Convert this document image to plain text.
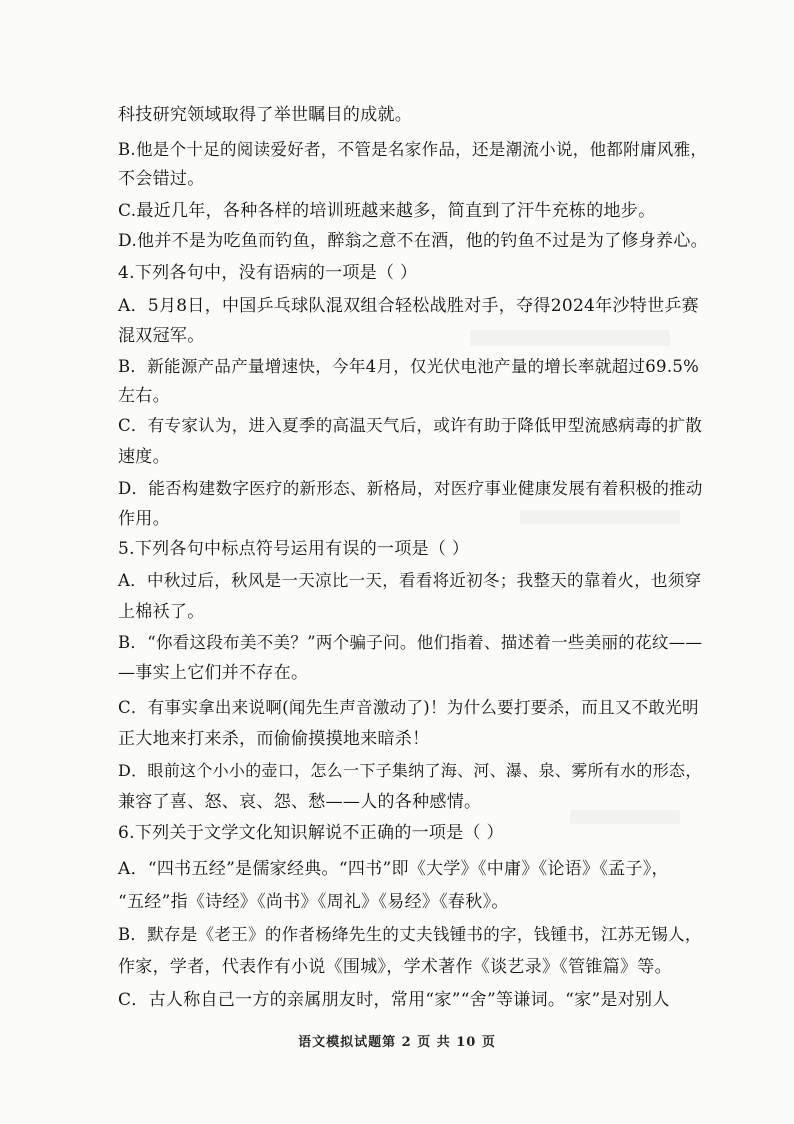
科技研究领域取得了举世瞩目的成就。
B.他是个十足的阅读爱好者，不管是名家作品，还是潮流小说，他都附庸风雅，
不会错过。
C.最近几年，各种各样的培训班越来越多，简直到了汗牛充栋的地步。
D.他并不是为吃鱼而钓鱼，醉翁之意不在酒，他的钓鱼不过是为了修身养心。
4.下列各句中，没有语病的一项是（ ）
A．5月8日，中国乒乓球队混双组合轻松战胜对手，夺得2024年沙特世乒赛
混双冠军。
B．新能源产品产量增速快，今年4月，仅光伏电池产量的增长率就超过69.5%
左右。
C．有专家认为，进入夏季的高温天气后，或许有助于降低甲型流感病毒的扩散
速度。
D．能否构建数字医疗的新形态、新格局，对医疗事业健康发展有着积极的推动
作用。
5.下列各句中标点符号运用有误的一项是（ ）
A．中秋过后，秋风是一天凉比一天，看看将近初冬；我整天的靠着火，也须穿
上棉袄了。
B．“你看这段布美不美？”两个骗子问。他们指着、描述着一些美丽的花纹——
—事实上它们并不存在。
C．有事实拿出来说啊(闻先生声音激动了)！为什么要打要杀，而且又不敢光明
正大地来打来杀，而偷偷摸摸地来暗杀！
D．眼前这个小小的壶口，怎么一下子集纳了海、河、瀑、泉、雾所有水的形态，
兼容了喜、怒、哀、怨、愁——人的各种感情。
6.下列关于文学文化知识解说不正确的一项是（ ）
A．“四书五经”是儒家经典。“四书”即《大学》《中庸》《论语》《孟子》，
“五经”指《诗经》《尚书》《周礼》《易经》《春秋》。
B．默存是《老王》的作者杨绛先生的丈夫钱锺书的字，钱锺书，江苏无锡人，
作家，学者，代表作有小说《围城》，学术著作《谈艺录》《管锥篇》等。
C．古人称自己一方的亲属朋友时，常用“家”“舍”等谦词。“家”是对别人
语文模拟试题第 2 页 共 10 页
